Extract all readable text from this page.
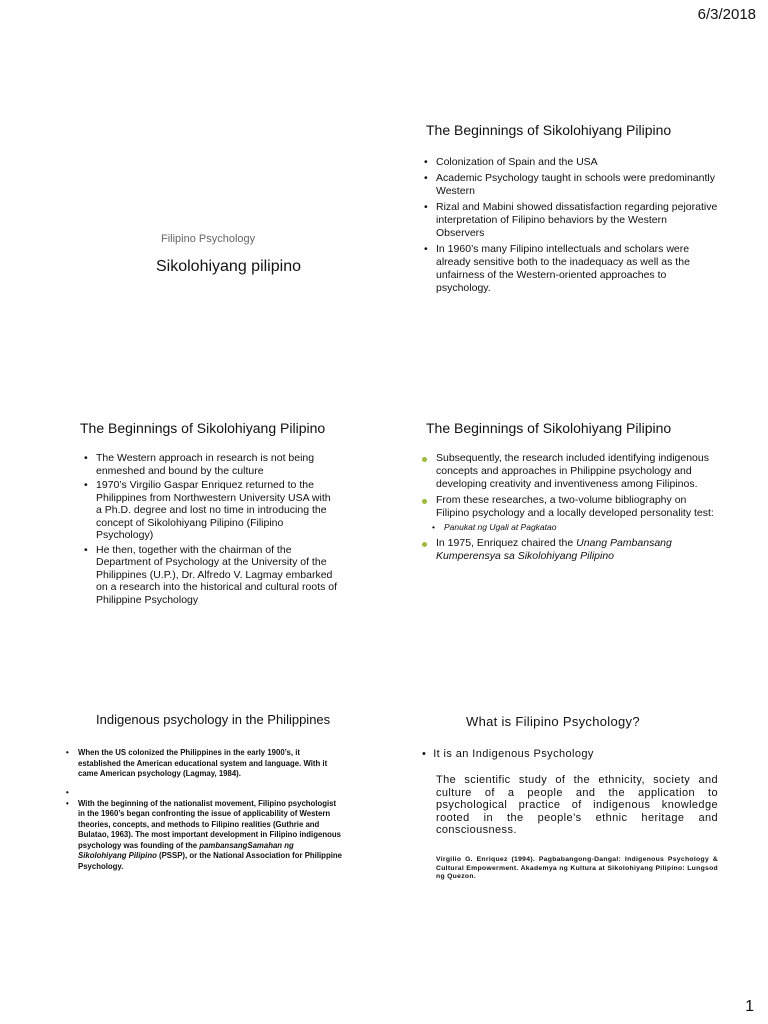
6/3/2018
Filipino Psychology
Sikolohiyang pilipino
The Beginnings of Sikolohiyang Pilipino
• Colonization of Spain and the USA
• Academic Psychology taught in schools were predominantly Western
• Rizal and Mabini showed dissatisfaction regarding pejorative interpretation of Filipino behaviors by the Western Observers
• In 1960’s many Filipino intellectuals and scholars were already sensitive both to the inadequacy as well as the unfairness of the Western-oriented approaches to psychology.
The Beginnings of Sikolohiyang Pilipino
• The Western approach in research is not being enmeshed and bound by the culture
• 1970’s Virgilio Gaspar Enriquez returned to the Philippines from Northwestern University USA with a Ph.D. degree and lost no time in introducing the concept of Sikolohiyang Pilipino (Filipino Psychology)
• He then, together with the chairman of the Department of Psychology at the University of the Philippines (U.P.), Dr. Alfredo V. Lagmay embarked on a research into the historical and cultural roots of Philippine Psychology
The Beginnings of Sikolohiyang Pilipino
Subsequently, the research included identifying indigenous concepts and approaches in Philippine psychology and developing creativity and inventiveness among Filipinos.
From these researches, a two-volume bibliography on Filipino psychology and a locally developed personality test:
• Panukat ng Ugali at Pagkatao
In 1975, Enriquez chaired the Unang Pambansang Kumperensya sa Sikolohiyang Pilipino
Indigenous psychology in the Philippines
• When the US colonized the Philippines in the early 1900’s, it established the American educational system and language. With it came American psychology (Lagmay, 1984).
•
• With the beginning of the nationalist movement, Filipino psychologist in the 1960’s began confronting the issue of applicability of Western theories, concepts, and methods to Filipino realities (Guthrie and Bulatao, 1963). The most important development in Filipino indigenous psychology was founding of the pambansangSamahan ng Sikolohiyang Pilipino (PSSP), or the National Association for Philippine Psychology.
What is Filipino Psychology?
• It is an Indigenous Psychology

The scientific study of the ethnicity, society and culture of a people and the application to psychological practice of indigenous knowledge rooted in the people’s ethnic heritage and consciousness.

Virgilio G. Enriquez (1994). Pagbabangong-Dangal: Indigenous Psychology & Cultural Empowerment. Akademya ng Kultura at Sikolohiyang Pilipino: Lungsod ng Quezon.

1
